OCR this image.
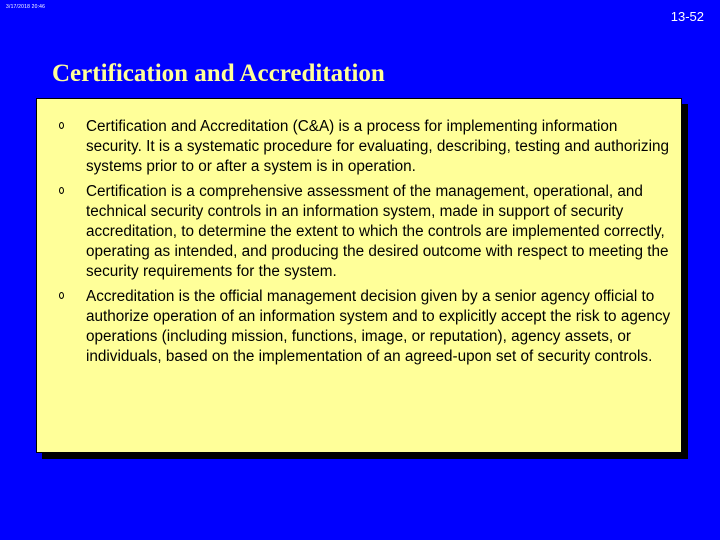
3/17/2018 20:46
13-52
Certification and Accreditation
Certification and Accreditation (C&A) is a process for implementing information security. It is a systematic procedure for evaluating, describing, testing and authorizing systems prior to or after a system is in operation.
Certification is a comprehensive assessment of the management, operational, and technical security controls in an information system, made in support of security accreditation, to determine the extent to which the controls are implemented correctly, operating as intended, and producing the desired outcome with respect to meeting the security requirements for the system.
Accreditation is the official management decision given by a senior agency official to authorize operation of an information system and to explicitly accept the risk to agency operations (including mission, functions, image, or reputation), agency assets, or individuals, based on the implementation of an agreed-upon set of security controls.
